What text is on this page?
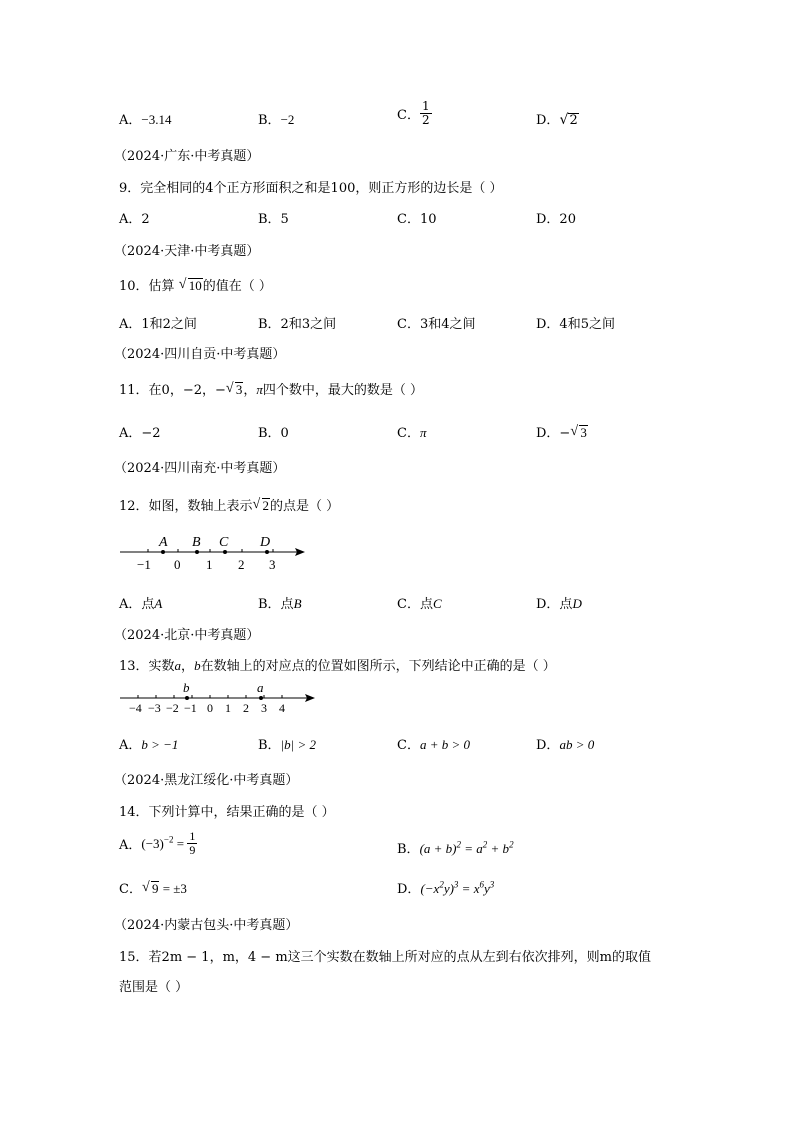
A．−3.14	B．−2	C． $\frac{1}{2}$	D． √ 2
（2024·广东·中考真题）
9．完全相同的4个正方形面积之和是100，则正方形的边长是（ ）
A．2	B．5	C．10	D．20
（2024·天津·中考真题）
10．估算 √ 10的值在（ ）
A．1和2之间	B．2和3之间	C．3和4之间	D．4和5之间
（2024·四川自贡·中考真题）
11．在0，−2，− √ 3，π四个数中，最大的数是（ ）
A．−2	B．0	C．π	D．− √ 3
（2024·四川南充·中考真题）
12．如图，数轴上表示 √ 2的点是（ ）
A B C D
−1 0 1 2 3
A．点A	B．点B	C．点C	D．点D
（2024·北京·中考真题）
13．实数a，b在数轴上的对应点的位置如图所示，下列结论中正确的是（ ）
b	a
−4 −3 −2 −1 0 1 2 3 4
A．b > −1	B．|b| > 2	C．a + b > 0	D．ab > 0
（2024·黑龙江绥化·中考真题）
14．下列计算中，结果正确的是（ ）
A．$(-3)^{-2} = \frac{1}{9}$	B．$(a + b)^2 = a^2 + b^2$
C． √ 9 = ±3	D．$(-x^2y)^3 = x^6y^3$
（2024·内蒙古包头·中考真题）
15．若2m − 1，m，4 − m这三个实数在数轴上所对应的点从左到右依次排列，则m的取值
范围是（ ）
